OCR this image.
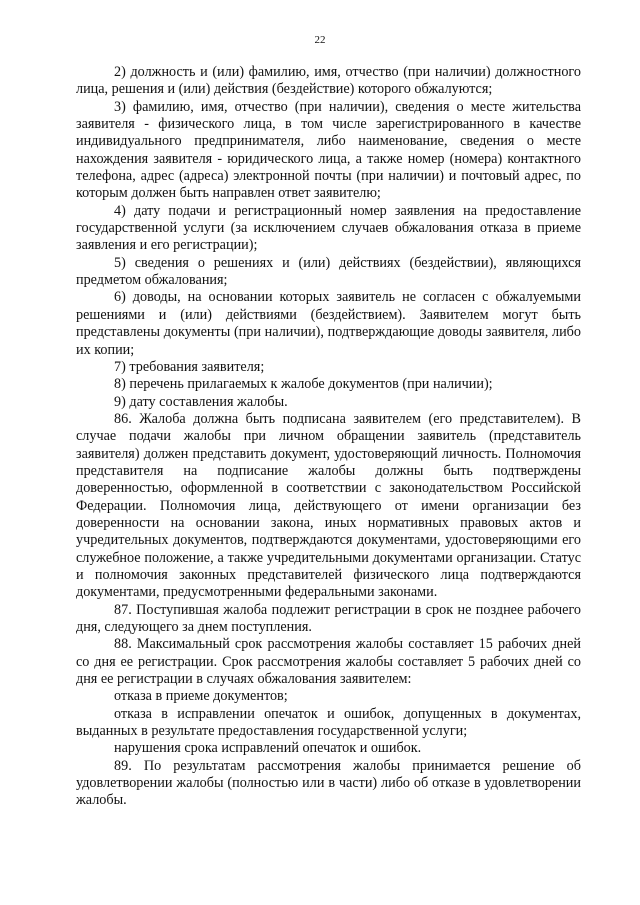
22

2) должность и (или) фамилию, имя, отчество (при наличии) должностного лица, решения и (или) действия (бездействие) которого обжалуются;

3) фамилию, имя, отчество (при наличии), сведения о месте жительства заявителя - физического лица, в том числе зарегистрированного в качестве индивидуального предпринимателя, либо наименование, сведения о месте нахождения заявителя - юридического лица, а также номер (номера) контактного телефона, адрес (адреса) электронной почты (при наличии) и почтовый адрес, по которым должен быть направлен ответ заявителю;

4) дату подачи и регистрационный номер заявления на предоставление государственной услуги (за исключением случаев обжалования отказа в приеме заявления и его регистрации);

5) сведения о решениях и (или) действиях (бездействии), являющихся предметом обжалования;

6) доводы, на основании которых заявитель не согласен с обжалуемыми решениями и (или) действиями (бездействием). Заявителем могут быть представлены документы (при наличии), подтверждающие доводы заявителя, либо их копии;

7) требования заявителя;

8) перечень прилагаемых к жалобе документов (при наличии);

9) дату составления жалобы.

86. Жалоба должна быть подписана заявителем (его представителем). В случае подачи жалобы при личном обращении заявитель (представитель заявителя) должен представить документ, удостоверяющий личность. Полномочия представителя на подписание жалобы должны быть подтверждены доверенностью, оформленной в соответствии с законодательством Российской Федерации. Полномочия лица, действующего от имени организации без доверенности на основании закона, иных нормативных правовых актов и учредительных документов, подтверждаются документами, удостоверяющими его служебное положение, а также учредительными документами организации. Статус и полномочия законных представителей физического лица подтверждаются документами, предусмотренными федеральными законами.

87. Поступившая жалоба подлежит регистрации в срок не позднее рабочего дня, следующего за днем поступления.

88. Максимальный срок рассмотрения жалобы составляет 15 рабочих дней со дня ее регистрации. Срок рассмотрения жалобы составляет 5 рабочих дней со дня ее регистрации в случаях обжалования заявителем:

отказа в приеме документов;

отказа в исправлении опечаток и ошибок, допущенных в документах, выданных в результате предоставления государственной услуги;

нарушения срока исправлений опечаток и ошибок.

89. По результатам рассмотрения жалобы принимается решение об удовлетворении жалобы (полностью или в части) либо об отказе в удовлетворении жалобы.
